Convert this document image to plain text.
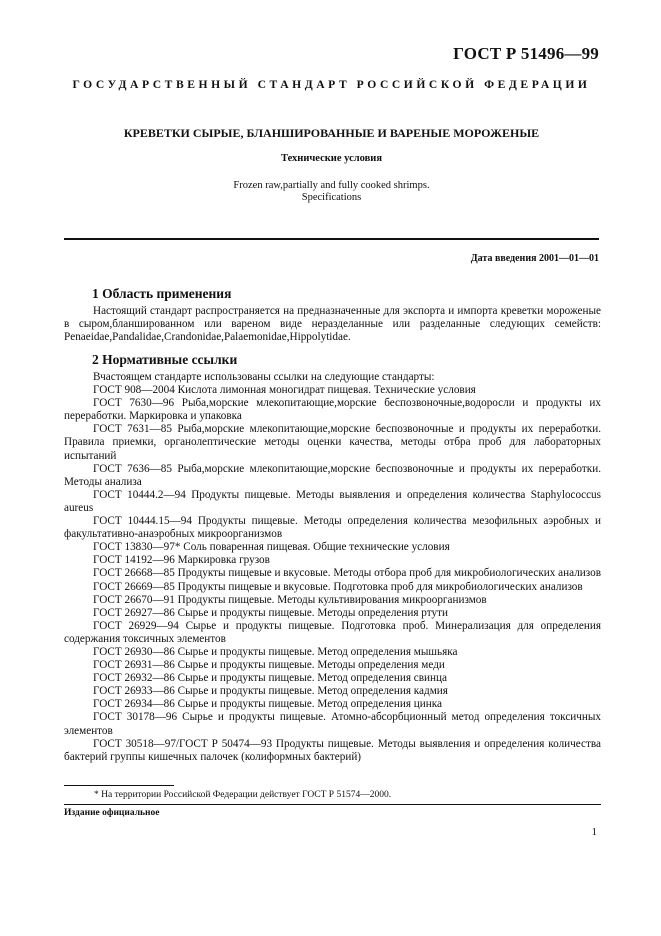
ГОСТ Р 51496—99
ГОСУДАРСТВЕННЫЙ СТАНДАРТ РОССИЙСКОЙ ФЕДЕРАЦИИ
КРЕВЕТКИ СЫРЫЕ, БЛАНШИРОВАННЫЕ И ВАРЕНЫЕ МОРОЖЕНЫЕ
Технические условия
Frozen raw,partially and fully cooked shrimps.
Specifications
Дата введения 2001—01—01
1 Область применения
Настоящий стандарт распространяется на предназначенные для экспорта и импорта креветки мороженые в сыром,бланшированном или вареном виде неразделанные или разделанные следующих семейств: Penaeidae,Pandalidae,Crandonidae,Palaemonidae,Hippolytidae.
2 Нормативные ссылки
Вчастоящем стандарте использованы ссылки на следующие стандарты:
ГОСТ 908—2004 Кислота лимонная моногидрат пищевая. Технические условия
ГОСТ 7630—96 Рыба,морские млекопитающие,морские беспозвоночные,водоросли и продукты их переработки. Маркировка и упаковка
ГОСТ 7631—85 Рыба,морские млекопитающие,морские беспозвоночные и продукты их переработки. Правила приемки, органолептические методы оценки качества, методы отбра проб для лабораторных испытаний
ГОСТ 7636—85 Рыба,морские млекопитающие,морские беспозвоночные и продукты их переработки. Методы анализа
ГОСТ 10444.2—94 Продукты пищевые. Методы выявления и определения количества Staphylococcus aureus
ГОСТ 10444.15—94 Продукты пищевые. Методы определения количества мезофильных аэробных и факультативно-анаэробных микроорганизмов
ГОСТ 13830—97* Соль поваренная пищевая. Общие технические условия
ГОСТ 14192—96 Маркировка грузов
ГОСТ 26668—85 Продукты пищевые и вкусовые. Методы отбора проб для микробиологических анализов
ГОСТ 26669—85 Продукты пищевые и вкусовые. Подготовка проб для микробиологических анализов
ГОСТ 26670—91 Продукты пищевые. Методы культивирования микроорганизмов
ГОСТ 26927—86 Сырье и продукты пищевые. Методы определения ртути
ГОСТ 26929—94 Сырье и продукты пищевые. Подготовка проб. Минерализация для определения содержания токсичных элементов
ГОСТ 26930—86 Сырье и продукты пищевые. Метод определения мышьяка
ГОСТ 26931—86 Сырье и продукты пищевые. Методы определения меди
ГОСТ 26932—86 Сырье и продукты пищевые. Метод определения свинца
ГОСТ 26933—86 Сырье и продукты пищевые. Метод определения кадмия
ГОСТ 26934—86 Сырье и продукты пищевые. Метод определения цинка
ГОСТ 30178—96 Сырье и продукты пищевые. Атомно-абсорбционный метод определения токсичных элементов
ГОСТ 30518—97/ГОСТ Р 50474—93 Продукты пищевые. Методы выявления и определения количества бактерий группы кишечных палочек (колиформных бактерий)
* На территории Российской Федерации действует ГОСТ Р 51574—2000.
Издание официальное
1
